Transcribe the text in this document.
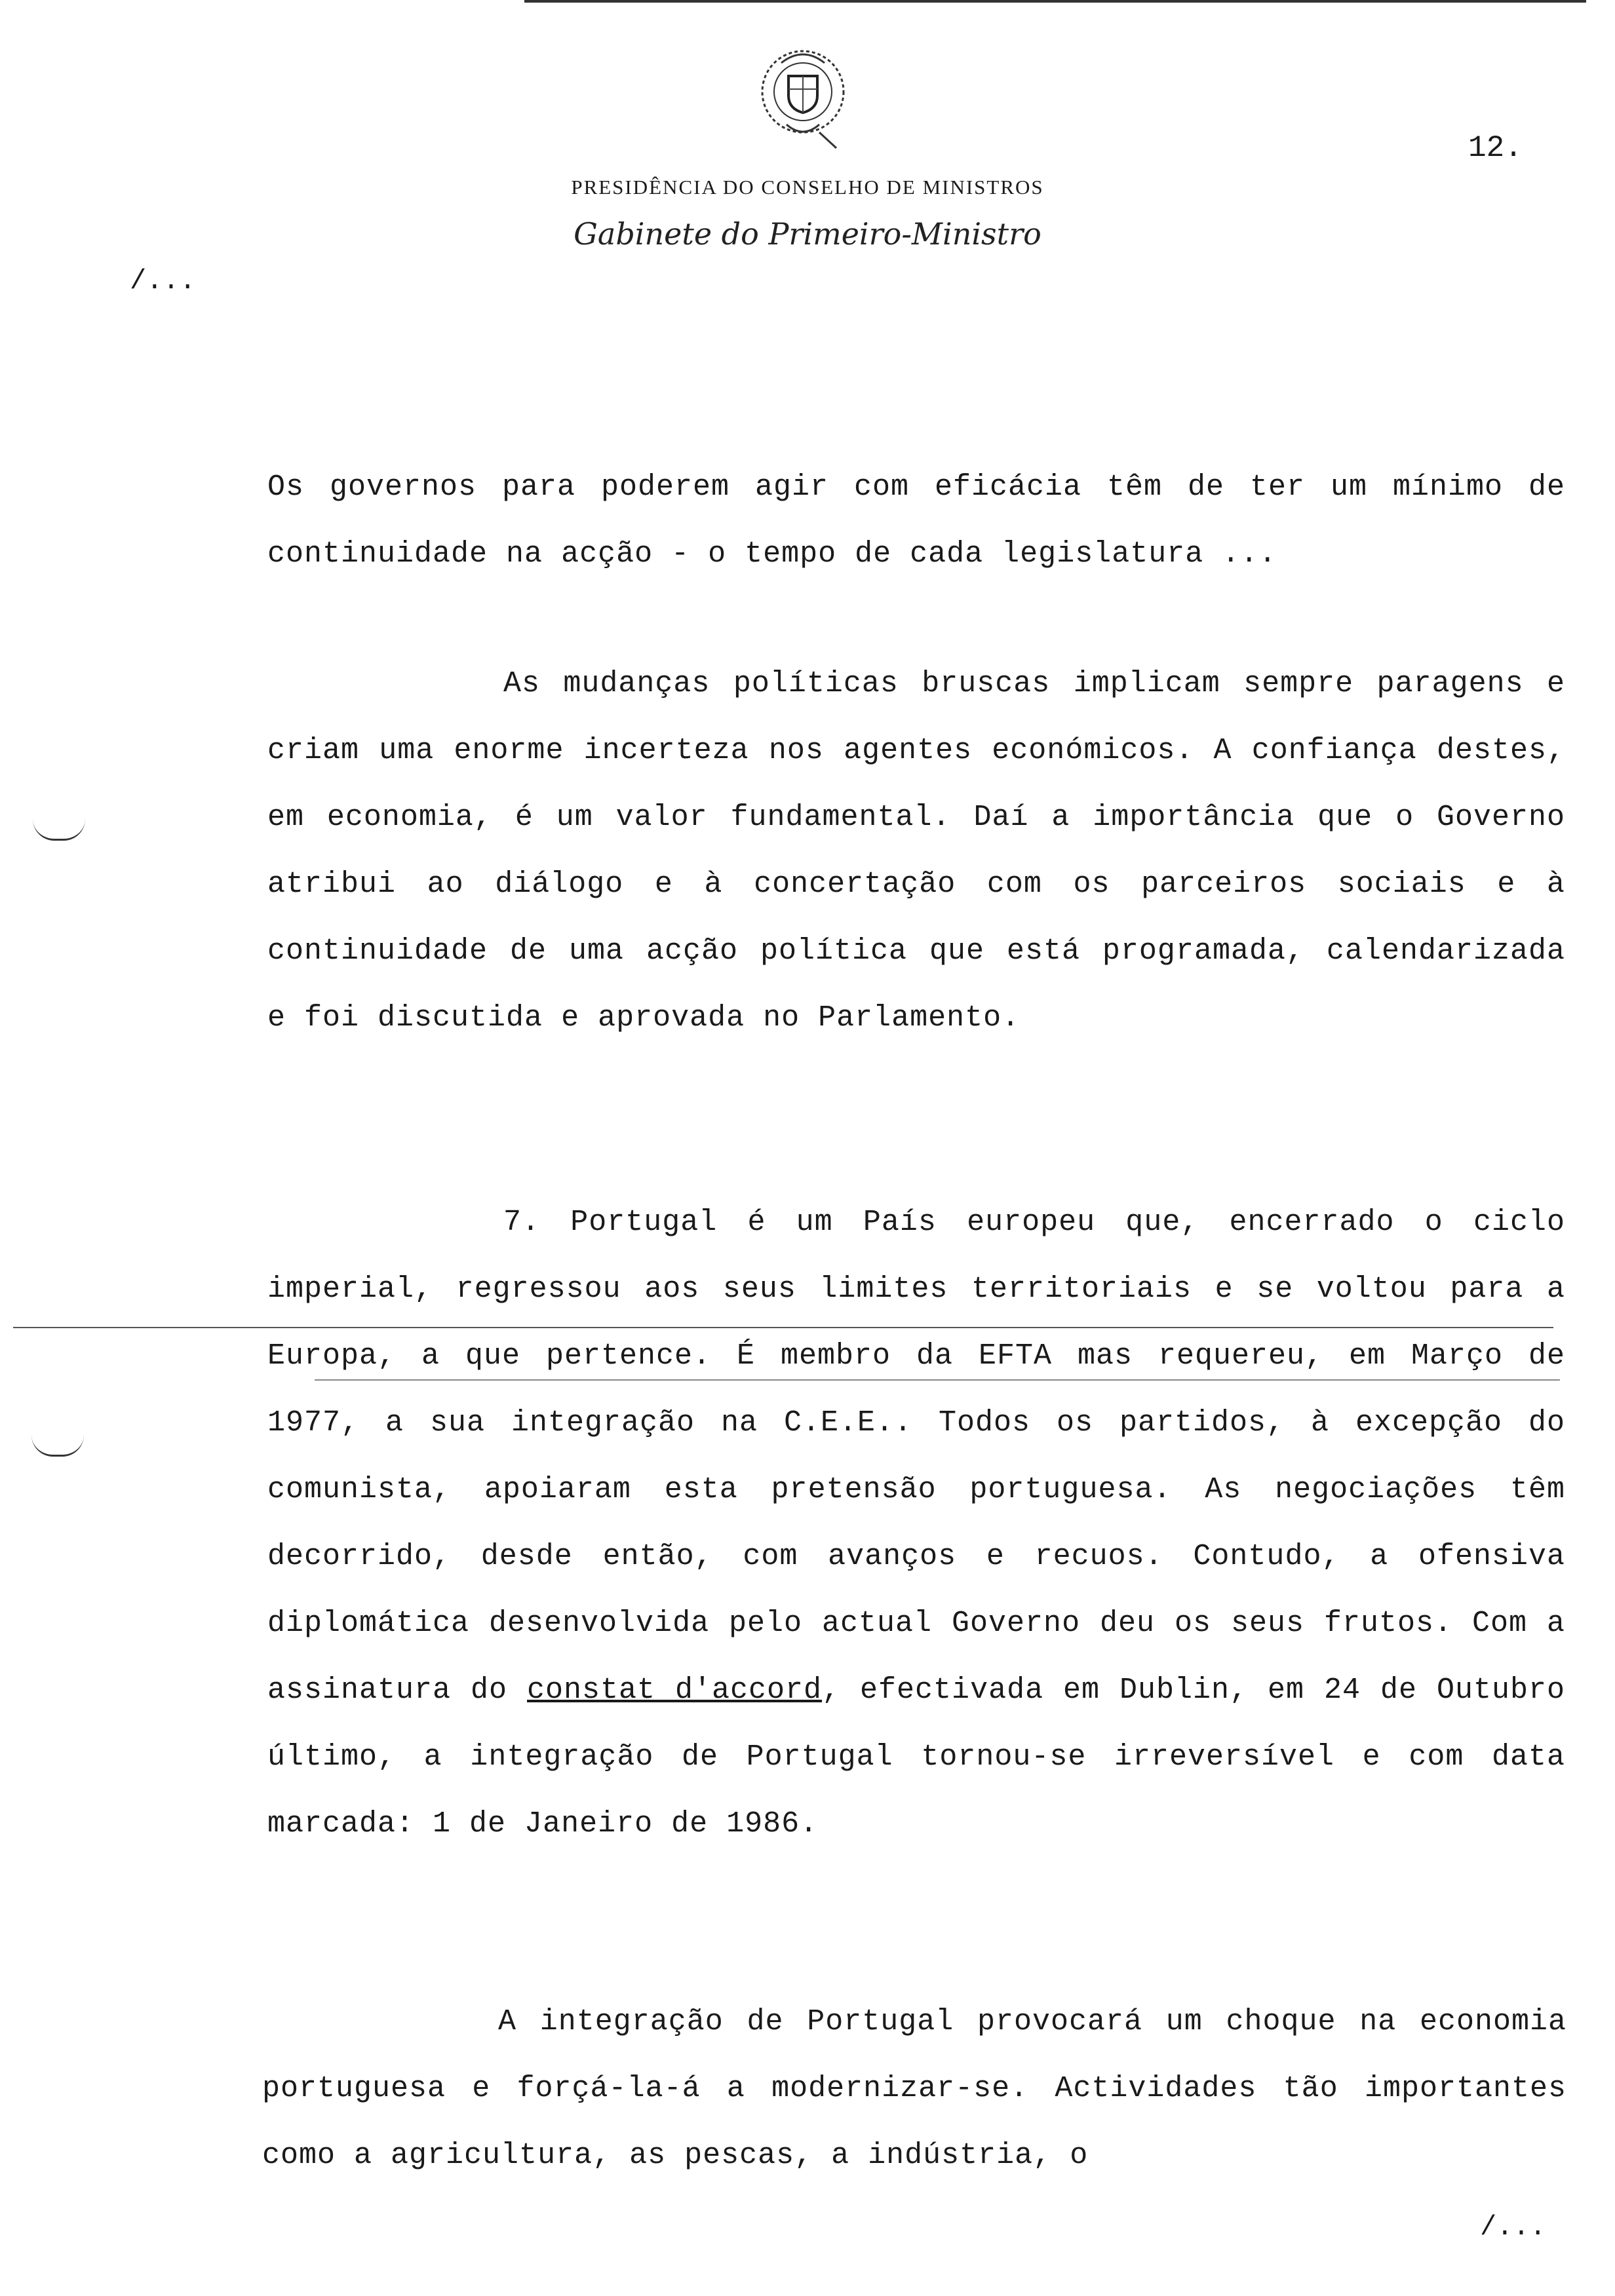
12.
PRESIDÊNCIA DO CONSELHO DE MINISTROS
Gabinete do Primeiro-Ministro
/...

Os governos para poderem agir com eficácia têm de ter um mínimo de continuidade na acção - o tempo de cada legislatura ...

As mudanças políticas bruscas implicam sempre paragens e criam uma enorme incerteza nos agentes económicos. A confiança destes, em economia, é um valor fundamental. Daí a importância que o Governo atribui ao diálogo e à concertação com os parceiros sociais e à continuidade de uma acção política que está programada, calendarizada e foi discutida e aprovada no Parlamento.

7. Portugal é um País europeu que, encerrado o ciclo imperial, regressou aos seus limites territoriais e se voltou para a Europa, a que pertence. É membro da EFTA mas requereu, em Março de 1977, a sua integração na C.E.E.. Todos os partidos, à excepção do comunista, apoiaram esta pretensão portuguesa. As negociações têm decorrido, desde então, com avanços e recuos. Contudo, a ofensiva diplomática desenvolvida pelo actual Governo deu os seus frutos. Com a assinatura do constat d'accord, efectivada em Dublin, em 24 de Outubro último, a integração de Portugal tornou-se irreversível e com data marcada: 1 de Janeiro de 1986.

A integração de Portugal provocará um choque na economia portuguesa e forçá-la-á a modernizar-se. Actividades tão importantes como a agricultura, as pescas, a indústria, o

/...
